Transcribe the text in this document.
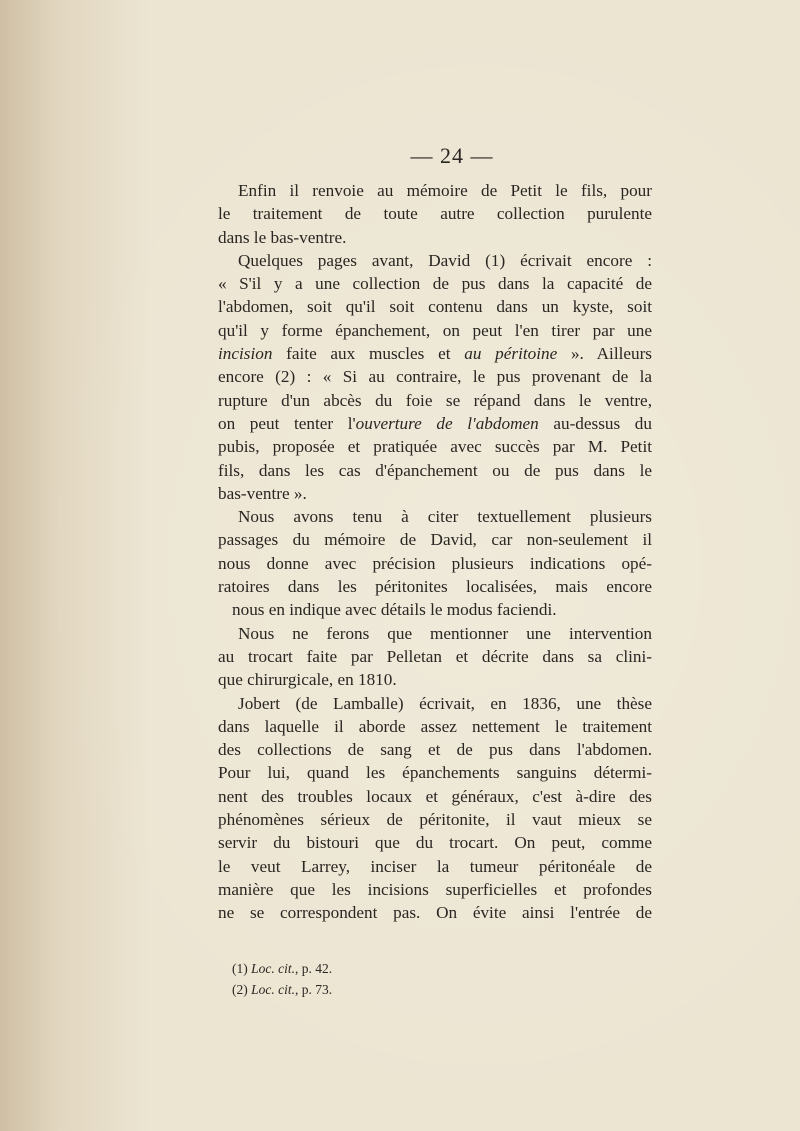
— 24 —
Enfin il renvoie au mémoire de Petit le fils, pour
le traitement de toute autre collection purulente
dans le bas-ventre.
Quelques pages avant, David (1) écrivait encore :
« S'il y a une collection de pus dans la capacité de
l'abdomen, soit qu'il soit contenu dans un kyste, soit
qu'il y forme épanchement, on peut l'en tirer par une
incision faite aux muscles et au péritoine ». Ailleurs
encore (2) : « Si au contraire, le pus provenant de la
rupture d'un abcès du foie se répand dans le ventre,
on peut tenter l'ouverture de l'abdomen au-dessus du
pubis, proposée et pratiquée avec succès par M. Petit
fils, dans les cas d'épanchement ou de pus dans le
bas-ventre ».
Nous avons tenu à citer textuellement plusieurs
passages du mémoire de David, car non-seulement il
nous donne avec précision plusieurs indications opé-
ratoires dans les péritonites localisées, mais encore
nous en indique avec détails le modus faciendi.
Nous ne ferons que mentionner une intervention
au trocart faite par Pelletan et décrite dans sa clini-
que chirurgicale, en 1810.
Jobert (de Lamballe) écrivait, en 1836, une thèse
dans laquelle il aborde assez nettement le traitement
des collections de sang et de pus dans l'abdomen.
Pour lui, quand les épanchements sanguins détermi-
nent des troubles locaux et généraux, c'est à-dire des
phénomènes sérieux de péritonite, il vaut mieux se
servir du bistouri que du trocart. On peut, comme
le veut Larrey, inciser la tumeur péritonéale de
manière que les incisions superficielles et profondes
ne se correspondent pas. On évite ainsi l'entrée de
(1) Loc. cit., p. 42.
(2) Loc. cit., p. 73.
